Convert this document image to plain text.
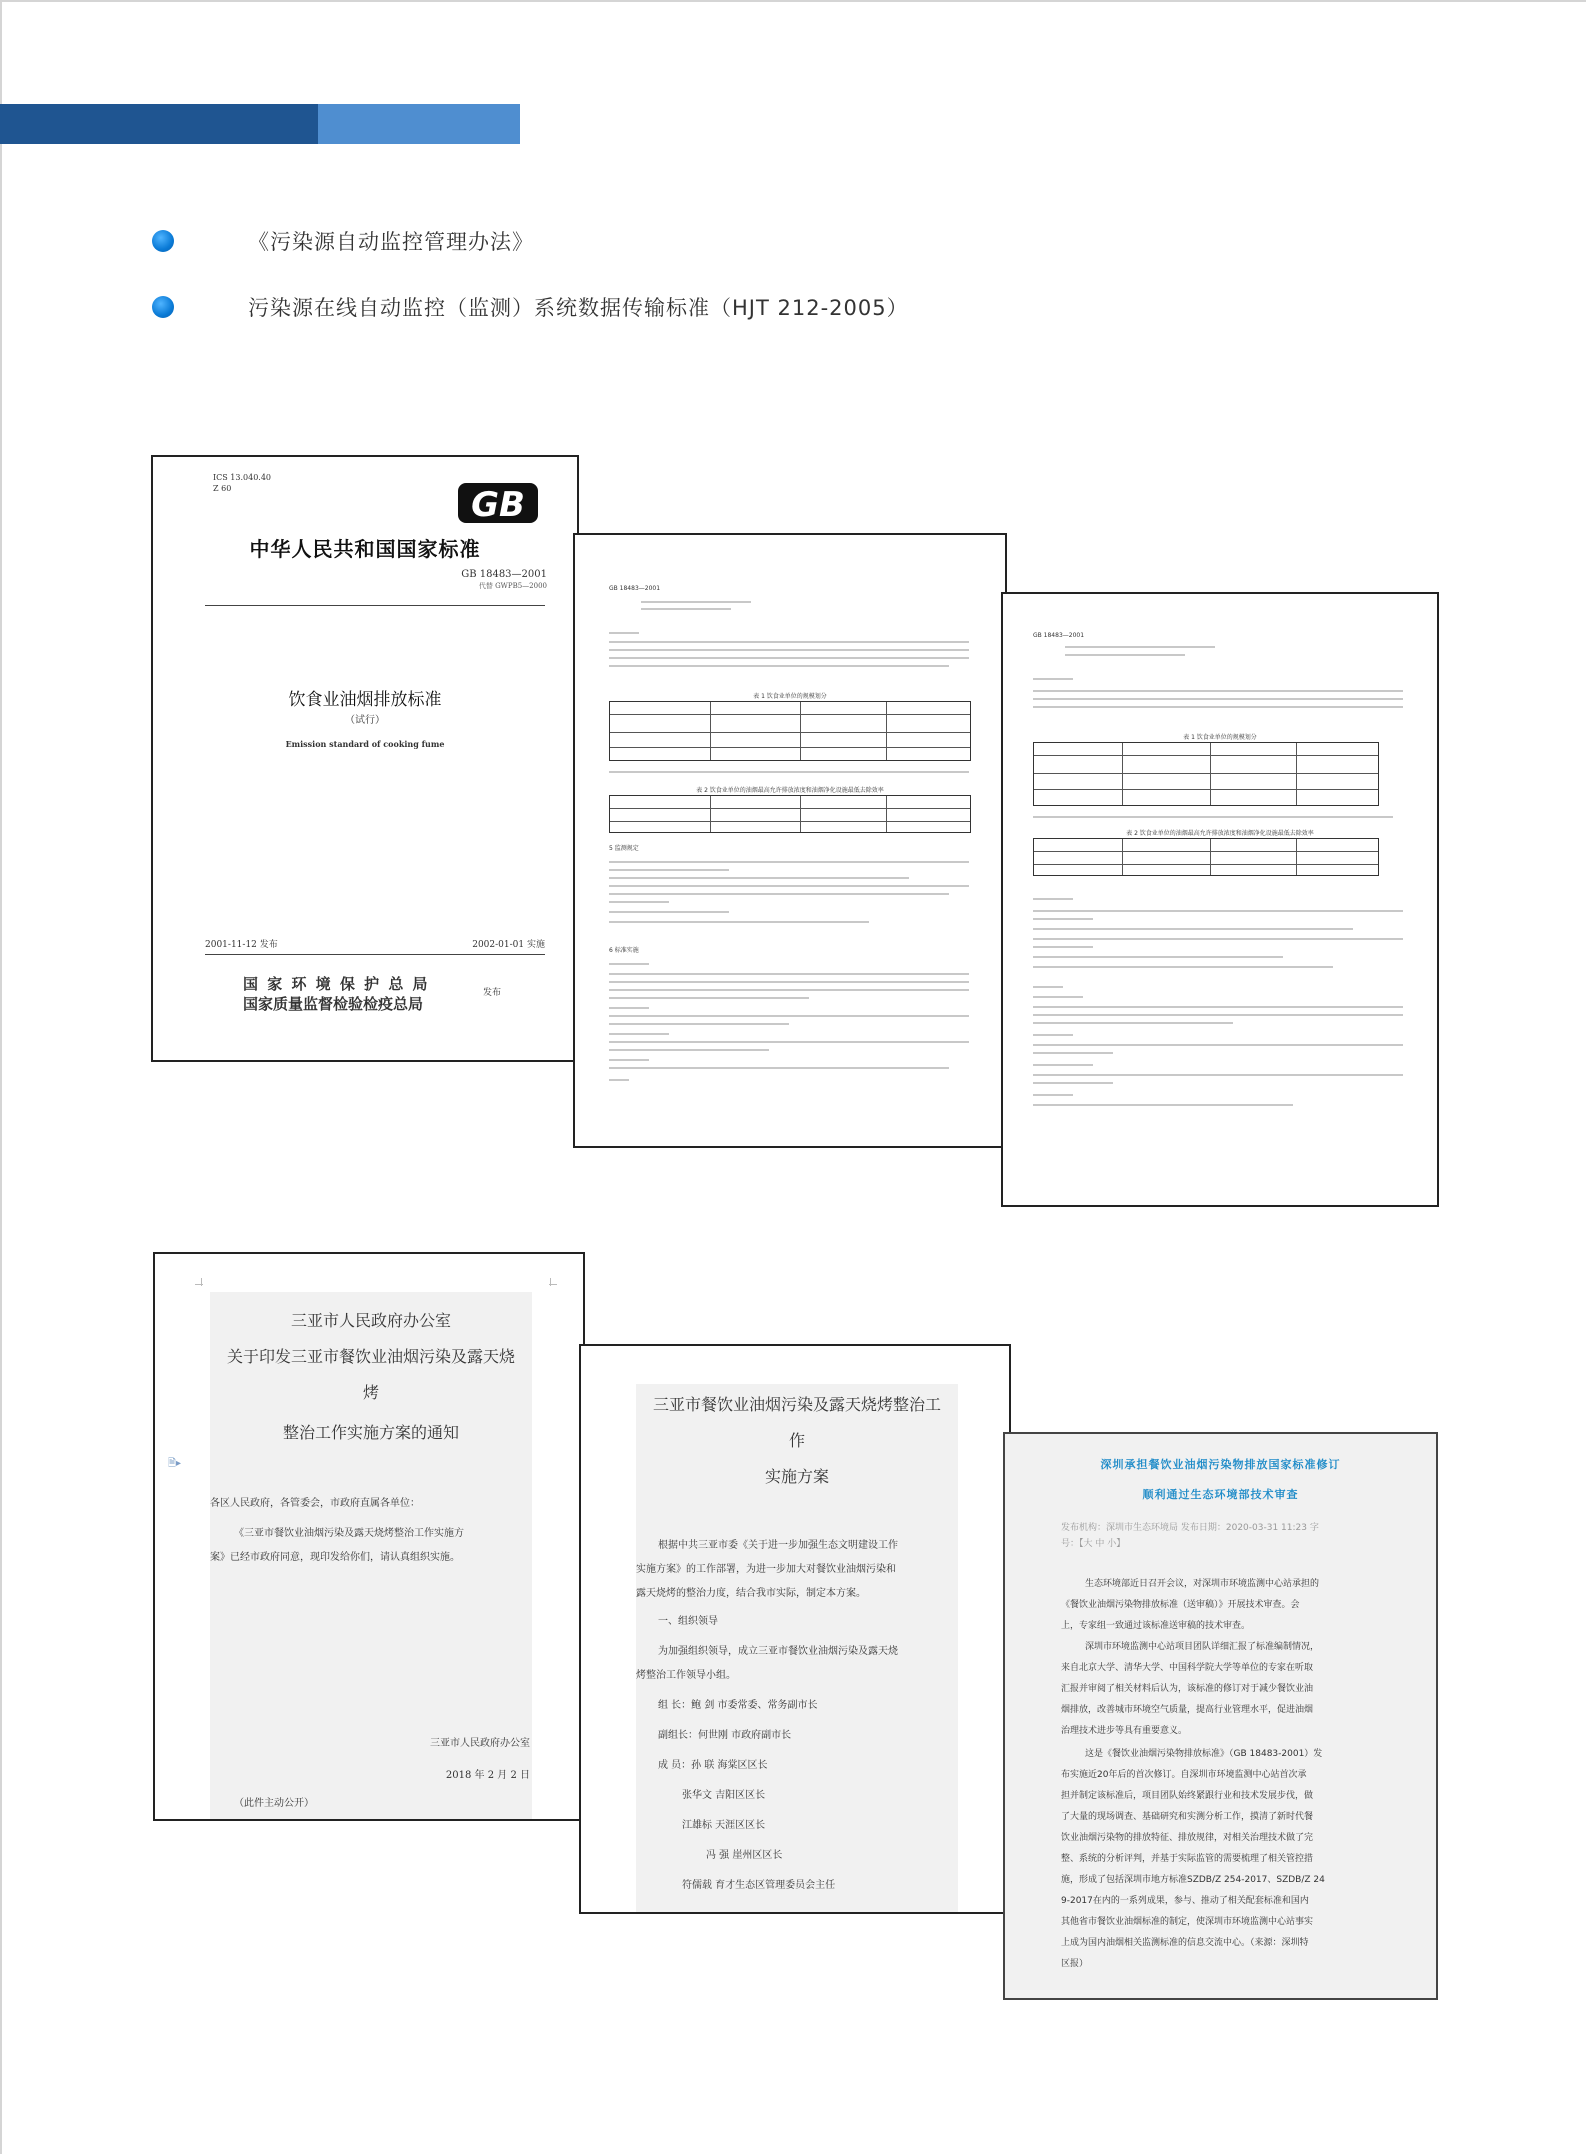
《污染源自动监控管理办法》
污染源在线自动监控（监测）系统数据传输标准（HJT 212-2005）
ICS 13.040.40
Z 60	GB
中华人民共和国国家标准
GB 18483—2001
代替 GWPB5—2000
饮食业油烟排放标准
（试行）
Emission standard of cooking fume
2001-11-12 发布	2002-01-01 实施
国 家 环 境 保 护 总 局
国家质量监督检验检疫总局
发布
GB 18483—2001
表 1 饮食业单位的规模划分
表 2 饮食业单位的油烟最高允许排放浓度和油烟净化设施最低去除效率
5 监测规定
6 标准实施
GB 18483—2001
表 1 饮食业单位的规模划分
表 2 饮食业单位的油烟最高允许排放浓度和油烟净化设施最低去除效率
三亚市人民政府办公室
关于印发三亚市餐饮业油烟污染及露天烧
烤
整治工作实施方案的通知
各区人民政府，各管委会，市政府直属各单位：
《三亚市餐饮业油烟污染及露天烧烤整治工作实施方
案》已经市政府同意，现印发给你们，请认真组织实施。
三亚市人民政府办公室
2018 年 2 月 2 日
（此件主动公开）
🗎▸
三亚市餐饮业油烟污染及露天烧烤整治工
作
实施方案
根据中共三亚市委《关于进一步加强生态文明建设工作
实施方案》的工作部署，为进一步加大对餐饮业油烟污染和
露天烧烤的整治力度，结合我市实际，制定本方案。
一、组织领导
为加强组织领导，成立三亚市餐饮业油烟污染及露天烧
烤整治工作领导小组。
组 长：鲍 剑 市委常委、常务副市长
副组长：何世刚 市政府副市长
成 员：孙 联 海棠区区长
张华文 吉阳区区长
江雄标 天涯区区长
冯 强 崖州区区长
符儒载 育才生态区管理委员会主任
深圳承担餐饮业油烟污染物排放国家标准修订
顺利通过生态环境部技术审查
发布机构：深圳市生态环境局 发布日期：2020-03-31 11:23 字
号：【大 中 小】
生态环境部近日召开会议，对深圳市环境监测中心站承担的
《餐饮业油烟污染物排放标准（送审稿）》开展技术审查。会
上，专家组一致通过该标准送审稿的技术审查。
深圳市环境监测中心站项目团队详细汇报了标准编制情况，
来自北京大学、清华大学、中国科学院大学等单位的专家在听取
汇报并审阅了相关材料后认为，该标准的修订对于减少餐饮业油
烟排放，改善城市环境空气质量，提高行业管理水平，促进油烟
治理技术进步等具有重要意义。
这是《餐饮业油烟污染物排放标准》（GB 18483-2001）发
布实施近20年后的首次修订。自深圳市环境监测中心站首次承
担并制定该标准后，项目团队始终紧跟行业和技术发展步伐，做
了大量的现场调查、基础研究和实测分析工作，摸清了新时代餐
饮业油烟污染物的排放特征、排放规律，对相关治理技术做了完
整、系统的分析评判，并基于实际监管的需要梳理了相关管控措
施，形成了包括深圳市地方标准SZDB/Z 254-2017、SZDB/Z 24
9-2017在内的一系列成果，参与、推动了相关配套标准和国内
其他省市餐饮业油烟标准的制定，使深圳市环境监测中心站事实
上成为国内油烟相关监测标准的信息交流中心。（来源：深圳特
区报）
